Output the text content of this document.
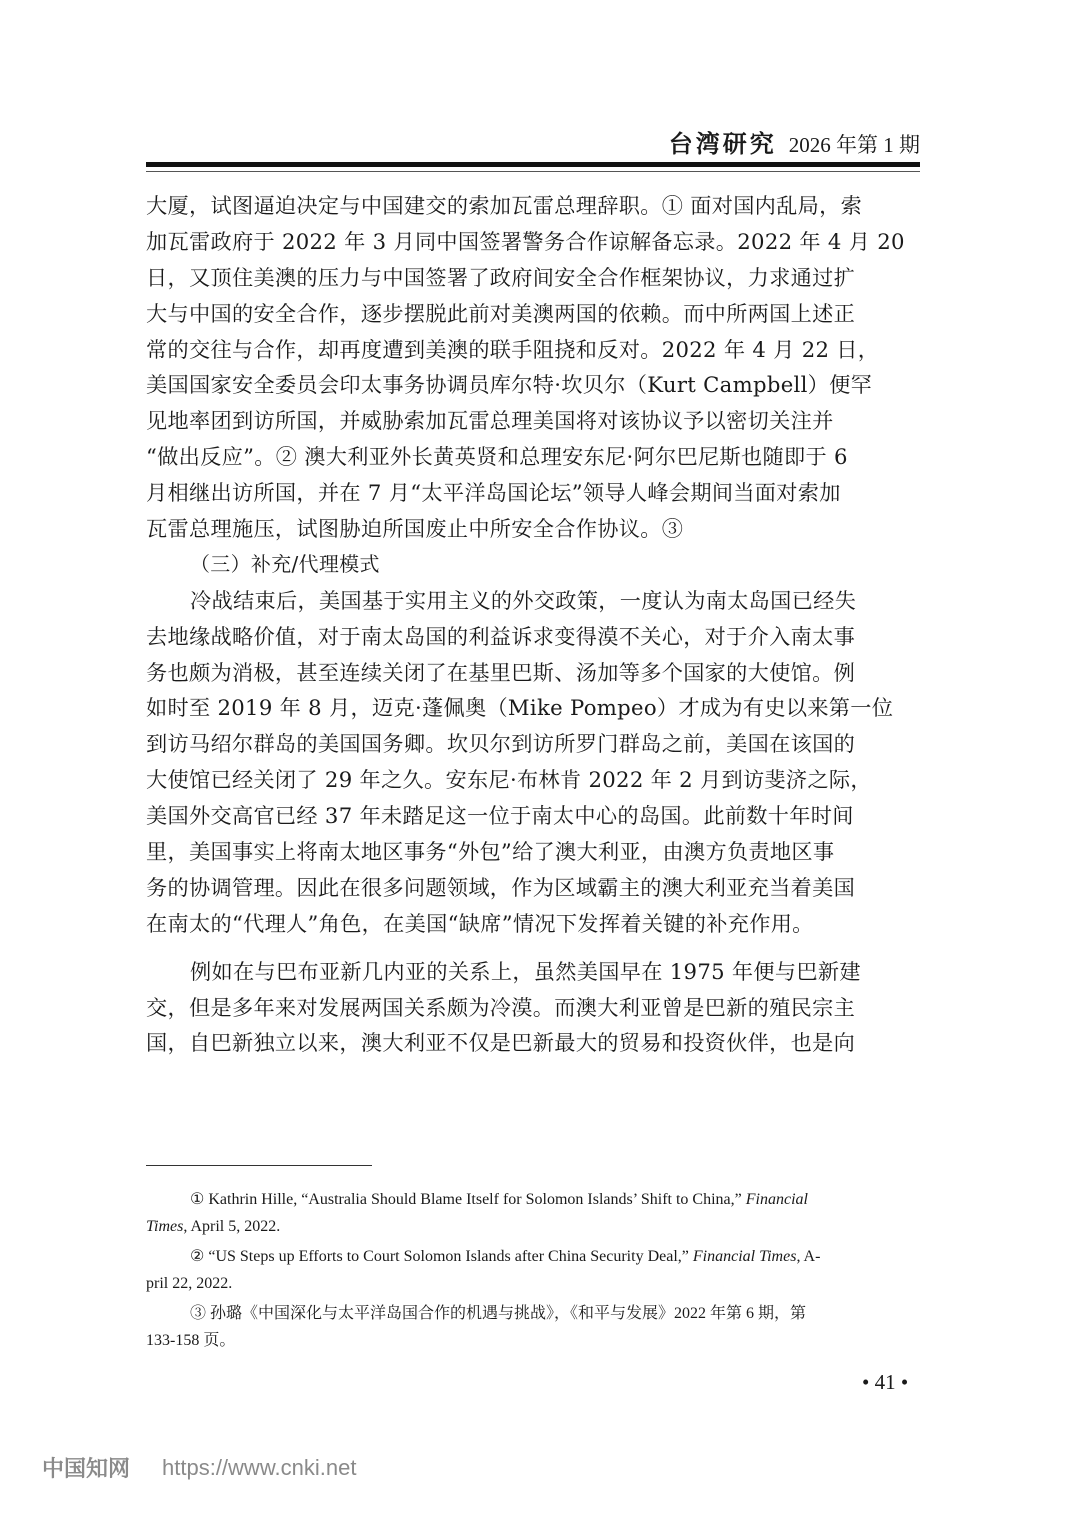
台湾研究 2026 年第 1 期
大厦，试图逼迫决定与中国建交的索加瓦雷总理辞职。① 面对国内乱局，索
加瓦雷政府于 2022 年 3 月同中国签署警务合作谅解备忘录。2022 年 4 月 20
日，又顶住美澳的压力与中国签署了政府间安全合作框架协议，力求通过扩
大与中国的安全合作，逐步摆脱此前对美澳两国的依赖。而中所两国上述正
常的交往与合作，却再度遭到美澳的联手阻挠和反对。2022 年 4 月 22 日，
美国国家安全委员会印太事务协调员库尔特·坎贝尔（Kurt Campbell）便罕
见地率团到访所国，并威胁索加瓦雷总理美国将对该协议予以密切关注并
“做出反应”。② 澳大利亚外长黄英贤和总理安东尼·阿尔巴尼斯也随即于 6
月相继出访所国，并在 7 月“太平洋岛国论坛”领导人峰会期间当面对索加
瓦雷总理施压，试图胁迫所国废止中所安全合作协议。③
（三）补充/代理模式
冷战结束后，美国基于实用主义的外交政策，一度认为南太岛国已经失
去地缘战略价值，对于南太岛国的利益诉求变得漠不关心，对于介入南太事
务也颇为消极，甚至连续关闭了在基里巴斯、汤加等多个国家的大使馆。例
如时至 2019 年 8 月，迈克·蓬佩奥（Mike Pompeo）才成为有史以来第一位
到访马绍尔群岛的美国国务卿。坎贝尔到访所罗门群岛之前，美国在该国的
大使馆已经关闭了 29 年之久。安东尼·布林肯 2022 年 2 月到访斐济之际，
美国外交高官已经 37 年未踏足这一位于南太中心的岛国。此前数十年时间
里，美国事实上将南太地区事务“外包”给了澳大利亚，由澳方负责地区事
务的协调管理。因此在很多问题领域，作为区域霸主的澳大利亚充当着美国
在南太的“代理人”角色，在美国“缺席”情况下发挥着关键的补充作用。
例如在与巴布亚新几内亚的关系上，虽然美国早在 1975 年便与巴新建
交，但是多年来对发展两国关系颇为冷漠。而澳大利亚曾是巴新的殖民宗主
国，自巴新独立以来，澳大利亚不仅是巴新最大的贸易和投资伙伴，也是向
① Kathrin Hille, “Australia Should Blame Itself for Solomon Islands’ Shift to China,” Financial
Times, April 5, 2022.
② “US Steps up Efforts to Court Solomon Islands after China Security Deal,” Financial Times, A-
pril 22, 2022.
③ 孙璐《中国深化与太平洋岛国合作的机遇与挑战》，《和平与发展》2022 年第 6 期，第
133-158 页。
• 41 •
中国知网 https://www.cnki.net
